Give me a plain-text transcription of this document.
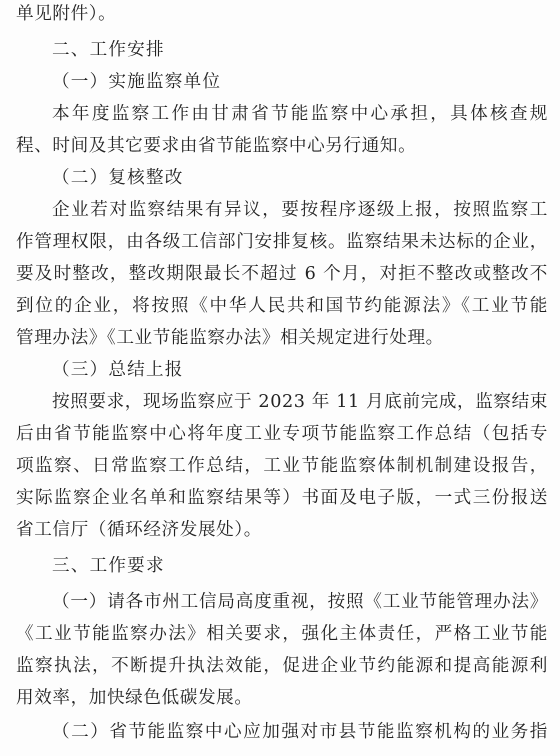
单见附件）。
二、工作安排
（一）实施监察单位
本年度监察工作由甘肃省节能监察中心承担，具体核查规
程、时间及其它要求由省节能监察中心另行通知。
（二）复核整改
企业若对监察结果有异议，要按程序逐级上报，按照监察工
作管理权限，由各级工信部门安排复核。监察结果未达标的企业，
要及时整改，整改期限最长不超过 6 个月，对拒不整改或整改不
到位的企业，将按照《中华人民共和国节约能源法》《工业节能
管理办法》《工业节能监察办法》相关规定进行处理。
（三）总结上报
按照要求，现场监察应于 2023 年 11 月底前完成，监察结束
后由省节能监察中心将年度工业专项节能监察工作总结（包括专
项监察、日常监察工作总结，工业节能监察体制机制建设报告，
实际监察企业名单和监察结果等）书面及电子版，一式三份报送
省工信厅（循环经济发展处）。
三、工作要求
（一）请各市州工信局高度重视，按照《工业节能管理办法》
《工业节能监察办法》相关要求，强化主体责任，严格工业节能
监察执法，不断提升执法效能，促进企业节约能源和提高能源利
用效率，加快绿色低碳发展。
（二）省节能监察中心应加强对市县节能监察机构的业务指
